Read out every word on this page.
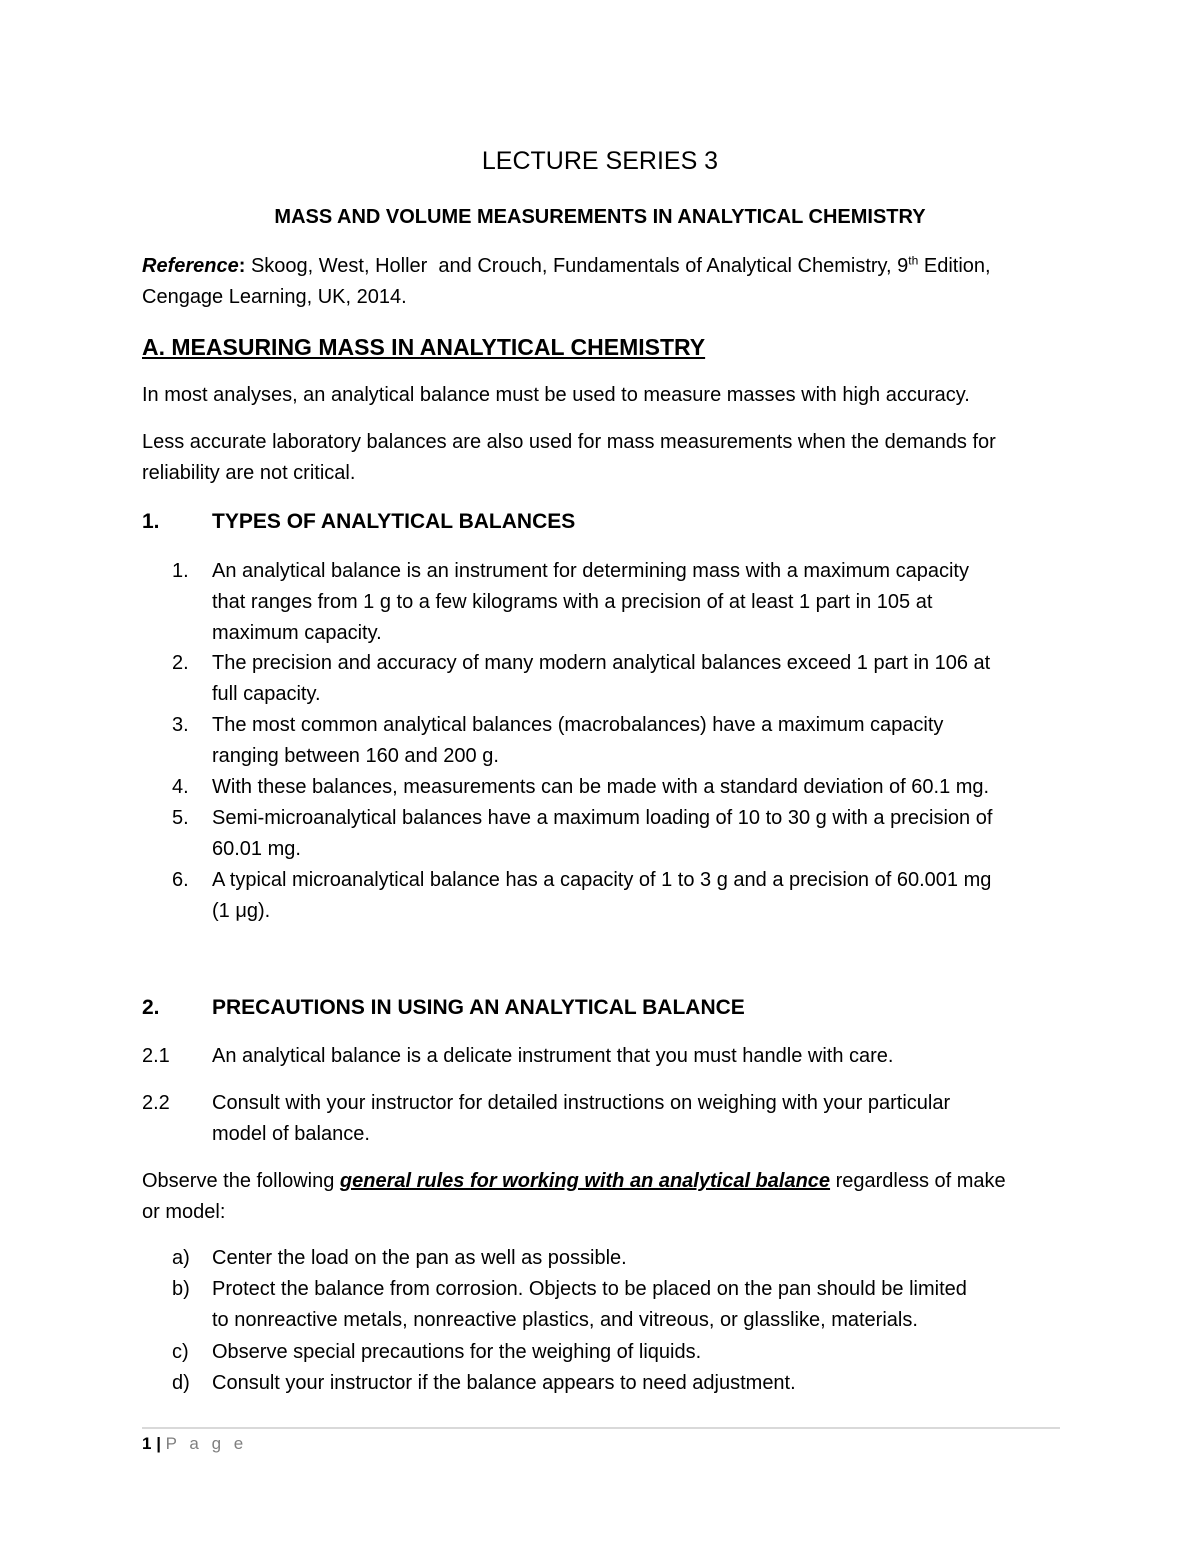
LECTURE SERIES 3
MASS AND VOLUME MEASUREMENTS IN ANALYTICAL CHEMISTRY
Reference: Skoog, West, Holler  and Crouch, Fundamentals of Analytical Chemistry, 9th Edition,
Cengage Learning, UK, 2014.
A. MEASURING MASS IN ANALYTICAL CHEMISTRY
In most analyses, an analytical balance must be used to measure masses with high accuracy.
Less accurate laboratory balances are also used for mass measurements when the demands for
reliability are not critical.
1. TYPES OF ANALYTICAL BALANCES
1.	An analytical balance is an instrument for determining mass with a maximum capacity
that ranges from 1 g to a few kilograms with a precision of at least 1 part in 105 at
maximum capacity.
2.	The precision and accuracy of many modern analytical balances exceed 1 part in 106 at
full capacity.
3.	The most common analytical balances (macrobalances) have a maximum capacity
ranging between 160 and 200 g.
4.	With these balances, measurements can be made with a standard deviation of 60.1 mg.
5.	Semi-microanalytical balances have a maximum loading of 10 to 30 g with a precision of
60.01 mg.
6.	A typical microanalytical balance has a capacity of 1 to 3 g and a precision of 60.001 mg
(1 μg).
2. PRECAUTIONS IN USING AN ANALYTICAL BALANCE
2.1 An analytical balance is a delicate instrument that you must handle with care.
2.2 Consult with your instructor for detailed instructions on weighing with your particular
model of balance.
Observe the following general rules for working with an analytical balance regardless of make
or model:
a)	Center the load on the pan as well as possible.
b)	Protect the balance from corrosion. Objects to be placed on the pan should be limited
to nonreactive metals, nonreactive plastics, and vitreous, or glasslike, materials.
c)	Observe special precautions for the weighing of liquids.
d)	Consult your instructor if the balance appears to need adjustment.
1 | P a g e
